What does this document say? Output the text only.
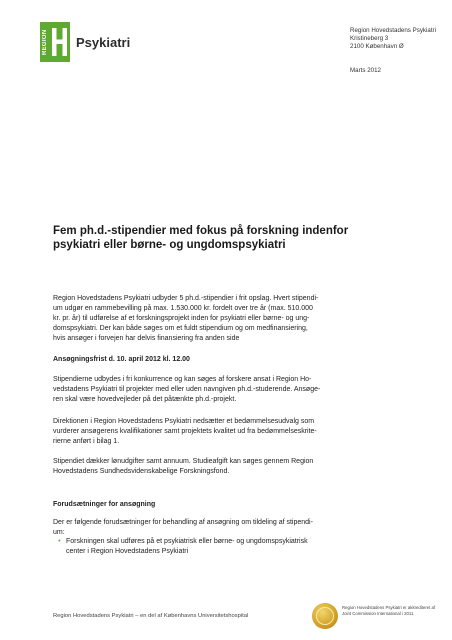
REGION Psykiatri
Region Hovedstadens Psykiatri
Kristineberg 3
2100 København Ø
Marts 2012
Fem ph.d.-stipendier med fokus på forskning indenfor
psykiatri eller børne- og ungdomspsykiatri
Region Hovedstadens Psykiatri udbyder 5 ph.d.-stipendier i frit opslag. Hvert stipendi-
um udgør en rammebevilling på max. 1.530.000 kr. fordelt over tre år (max. 510.000
kr. pr. år) til udførelse af et forskningsprojekt inden for psykiatri eller børne- og ung-
domspsykiatri. Der kan både søges om et fuldt stipendium og om medfinansiering,
hvis ansøger i forvejen har delvis finansiering fra anden side
Ansøgningsfrist d. 10. april 2012 kl. 12.00
Stipendierne udbydes i fri konkurrence og kan søges af forskere ansat i Region Ho-
vedstadens Psykiatri til projekter med eller uden navngiven ph.d.-studerende. Ansøge-
ren skal være hovedvejleder på det påtænkte ph.d.-projekt.
Direktionen i Region Hovedstadens Psykiatri nedsætter et bedømmelsesudvalg som
vurderer ansøgerens kvalifikationer samt projektets kvalitet ud fra bedømmelseskrite-
rierne anført i bilag 1.
Stipendiet dækker lønudgifter samt annuum. Studieafgift kan søges gennem Region
Hovedstadens Sundhedsvidenskabelige Forskningsfond.
Forudsætninger for ansøgning
Der er følgende forudsætninger for behandling af ansøgning om tildeling af stipendi-
um:
• Forskningen skal udføres på et psykiatrisk eller børne- og ungdomspsykiatrisk
center i Region Hovedstadens Psykiatri
Region Hovedstadens Psykiatri – en del af Københavns Universitetshospital
Region Hovedstadens Psykiatri er akkrediteret af
Joint Commission International i 2011
